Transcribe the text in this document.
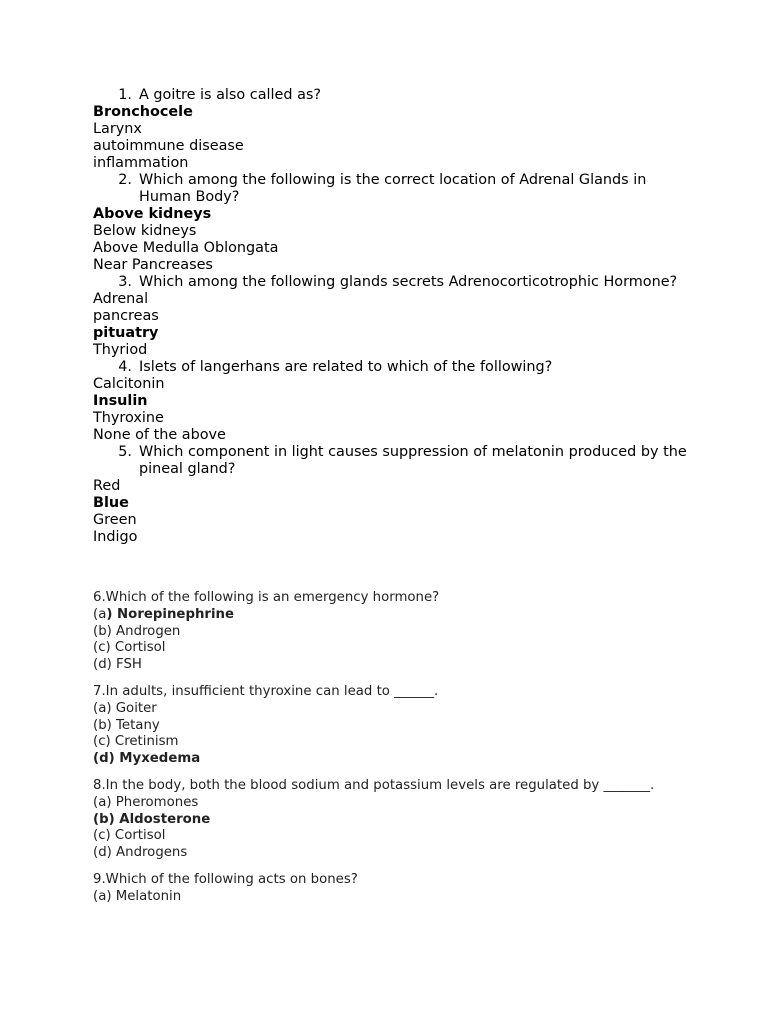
1. A goitre is also called as?
Bronchocele
Larynx
autoimmune disease
inflammation
2. Which among the following is the correct location of Adrenal Glands in Human Body?
Above kidneys
Below kidneys
Above Medulla Oblongata
Near Pancreases
3. Which among the following glands secrets Adrenocorticotrophic Hormone?
Adrenal
pancreas
pituatry
Thyriod
4. Islets of langerhans are related to which of the following?
Calcitonin
Insulin
Thyroxine
None of the above
5. Which component in light causes suppression of melatonin produced by the pineal gland?
Red
Blue
Green
Indigo
6.Which of the following is an emergency hormone?
(a) Norepinephrine
(b) Androgen
(c) Cortisol
(d) FSH
7.In adults, insufficient thyroxine can lead to ______.
(a) Goiter
(b) Tetany
(c) Cretinism
(d) Myxedema
8.In the body, both the blood sodium and potassium levels are regulated by _______.
(a) Pheromones
(b) Aldosterone
(c) Cortisol
(d) Androgens
9.Which of the following acts on bones?
(a) Melatonin
